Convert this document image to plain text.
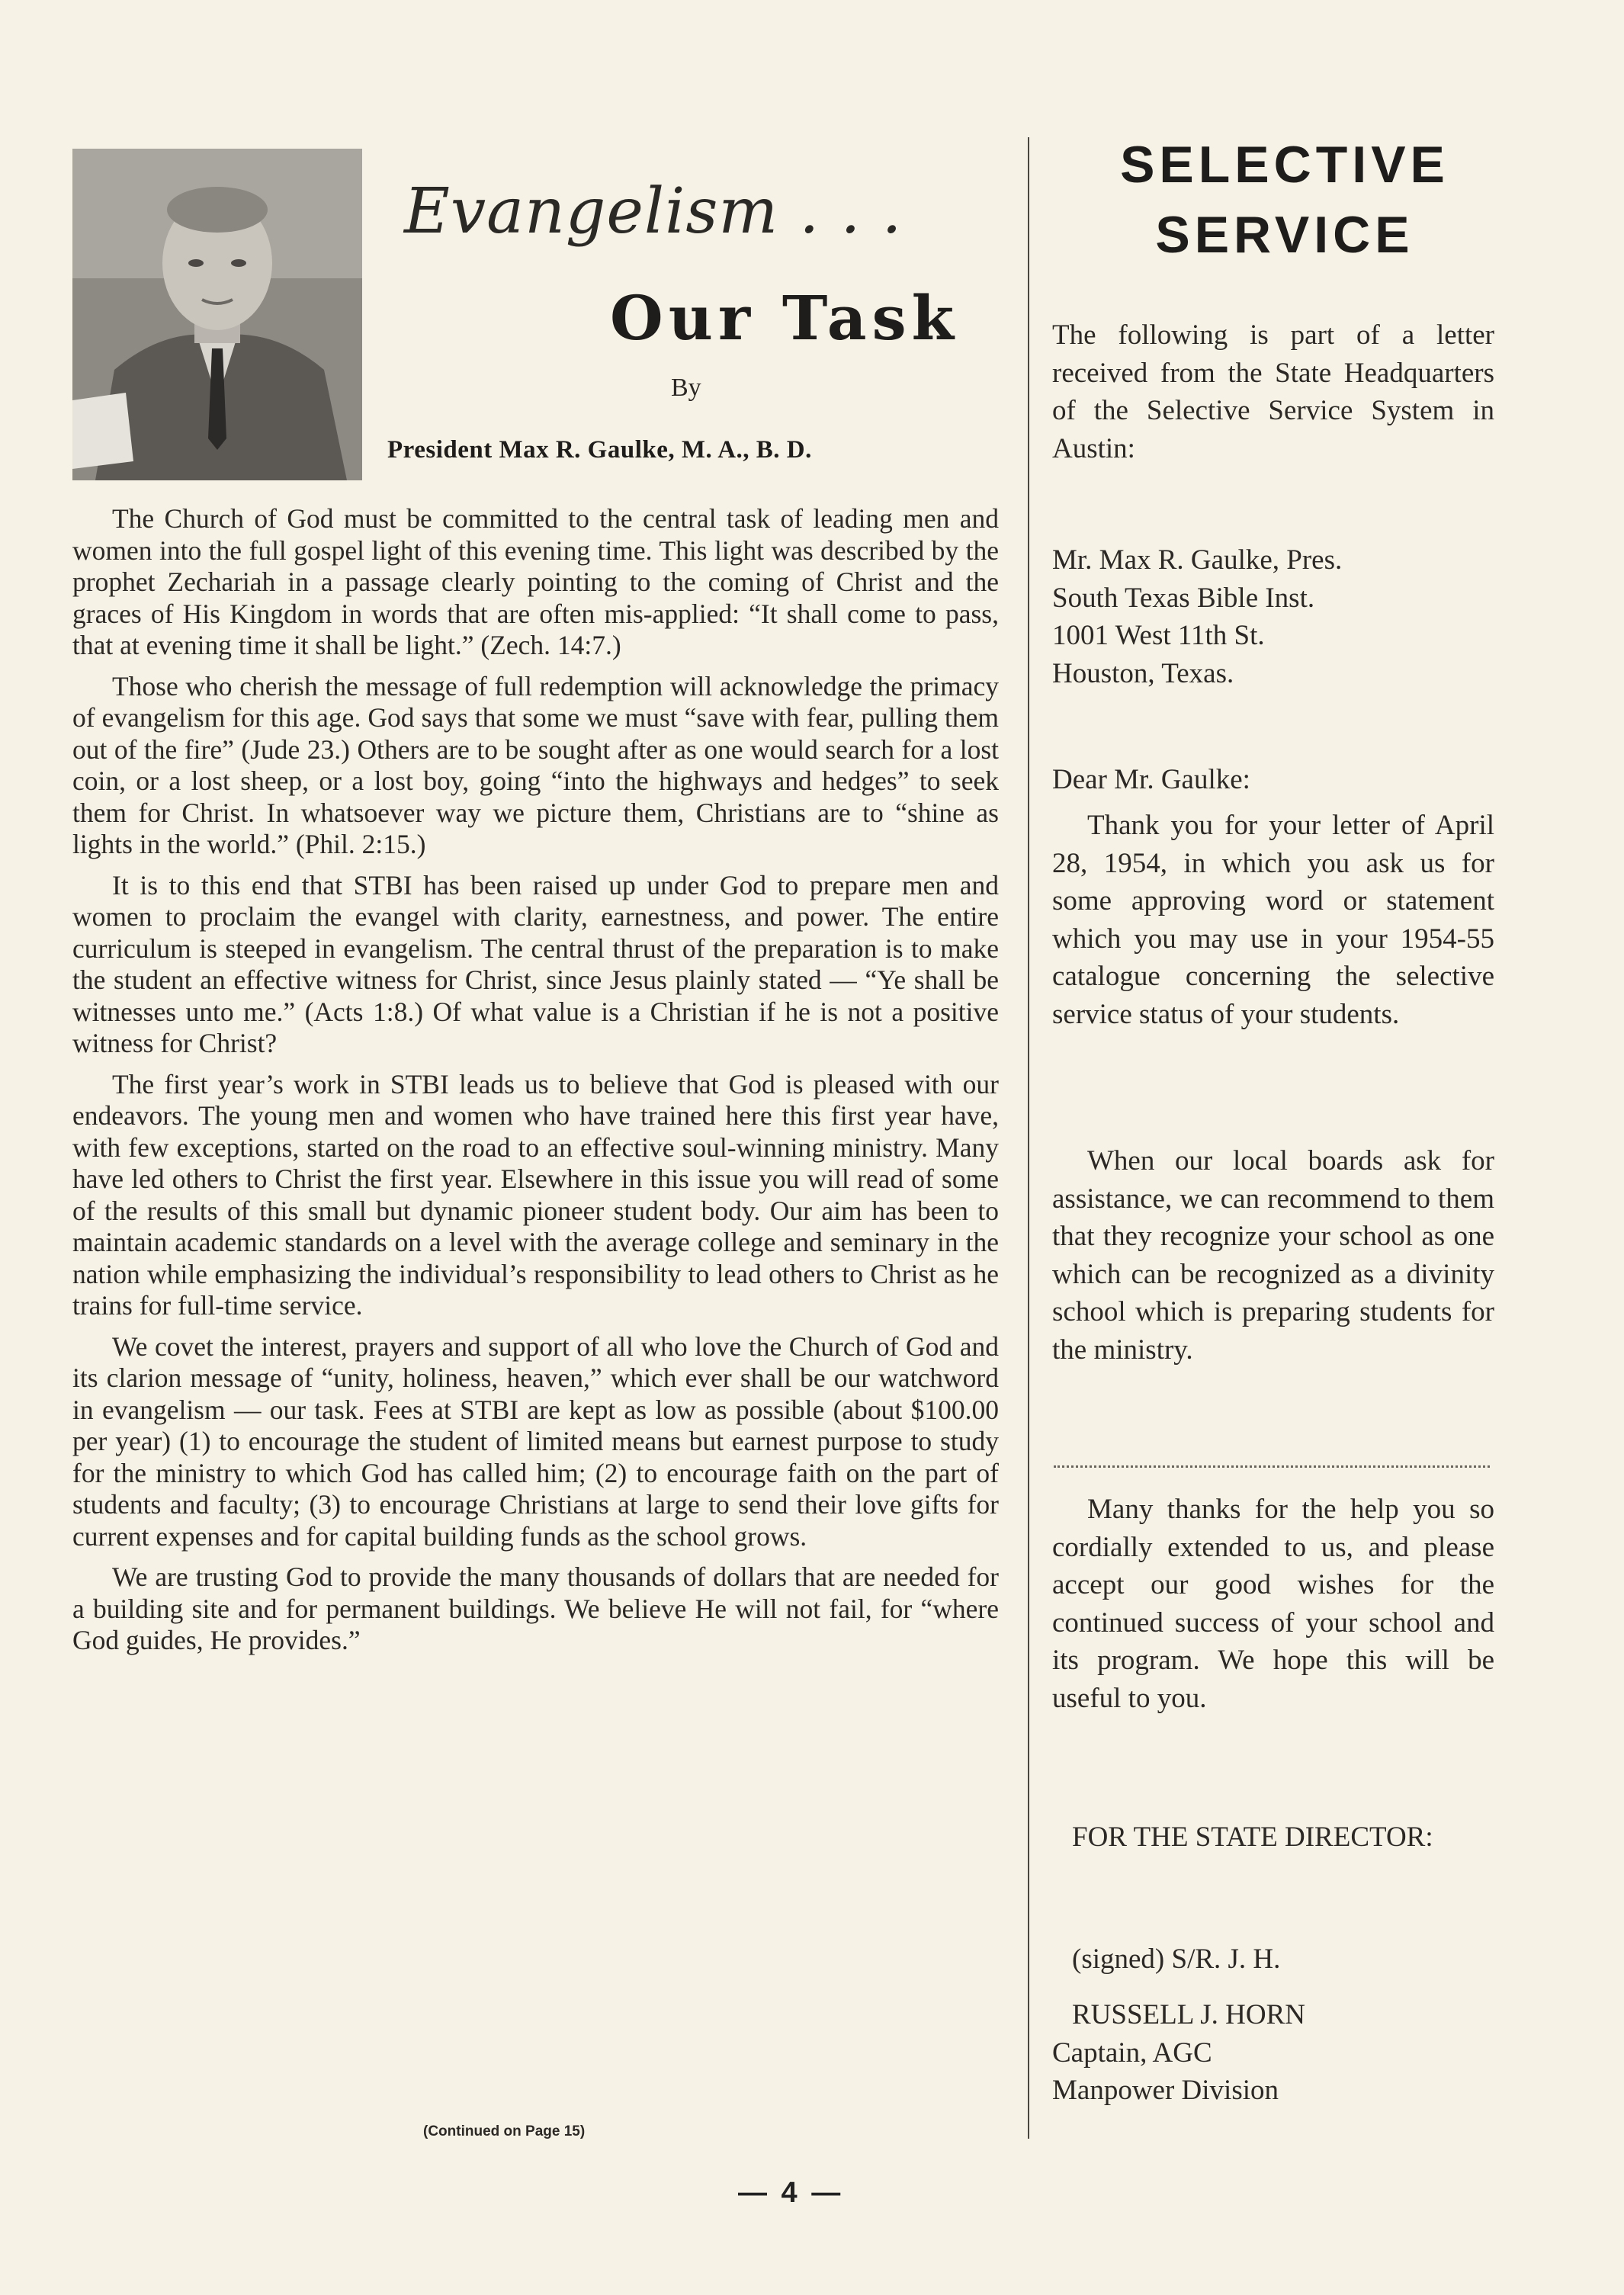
Evangelism . . .
Our Task
By
President Max R. Gaulke, M. A., B. D.

The Church of God must be committed to the central task of leading men and women into the full gospel light of this evening time. This light was described by the prophet Zechariah in a passage clearly pointing to the coming of Christ and the graces of His Kingdom in words that are often mis-applied: “It shall come to pass, that at evening time it shall be light.” (Zech. 14:7.)

Those who cherish the message of full redemption will acknowledge the primacy of evangelism for this age. God says that some we must “save with fear, pulling them out of the fire” (Jude 23.) Others are to be sought after as one would search for a lost coin, or a lost sheep, or a lost boy, going “into the highways and hedges” to seek them for Christ. In whatsoever way we picture them, Christians are to “shine as lights in the world.” (Phil. 2:15.)

It is to this end that STBI has been raised up under God to prepare men and women to proclaim the evangel with clarity, earnestness, and power. The entire curriculum is steeped in evangelism. The central thrust of the preparation is to make the student an effective witness for Christ, since Jesus plainly stated — “Ye shall be witnesses unto me.” (Acts 1:8.) Of what value is a Christian if he is not a positive witness for Christ?

The first year’s work in STBI leads us to believe that God is pleased with our endeavors. The young men and women who have trained here this first year have, with few exceptions, started on the road to an effective soul-winning ministry. Many have led others to Christ the first year. Elsewhere in this issue you will read of some of the results of this small but dynamic pioneer student body. Our aim has been to maintain academic standards on a level with the average college and seminary in the nation while emphasizing the individual’s responsibility to lead others to Christ as he trains for full-time service.

We covet the interest, prayers and support of all who love the Church of God and its clarion message of “unity, holiness, heaven,” which ever shall be our watchword in evangelism — our task. Fees at STBI are kept as low as possible (about $100.00 per year) (1) to encourage the student of limited means but earnest purpose to study for the ministry to which God has called him; (2) to encourage faith on the part of students and faculty; (3) to encourage Christians at large to send their love gifts for current expenses and for capital building funds as the school grows.

We are trusting God to provide the many thousands of dollars that are needed for a building site and for permanent buildings. We believe He will not fail, for “where God guides, He provides.”

(Continued on Page 15)
— 4 —
SELECTIVE
SERVICE

The following is part of a letter received from the State Headquarters of the Selective Service System in Austin:

Mr. Max R. Gaulke, Pres.
South Texas Bible Inst.
1001 West 11th St.
Houston, Texas.

Dear Mr. Gaulke:

Thank you for your letter of April 28, 1954, in which you ask us for some approving word or statement which you may use in your 1954-55 catalogue concerning the selective service status of your students.

When our local boards ask for assistance, we can recommend to them that they recognize your school as one which can be recognized as a divinity school which is preparing students for the ministry.

Many thanks for the help you so cordially extended to us, and please accept our good wishes for the continued success of your school and its program. We hope this will be useful to you.

FOR THE STATE DIRECTOR:

(signed) S/R. J. H.

RUSSELL J. HORN
Captain, AGC
Manpower Division
